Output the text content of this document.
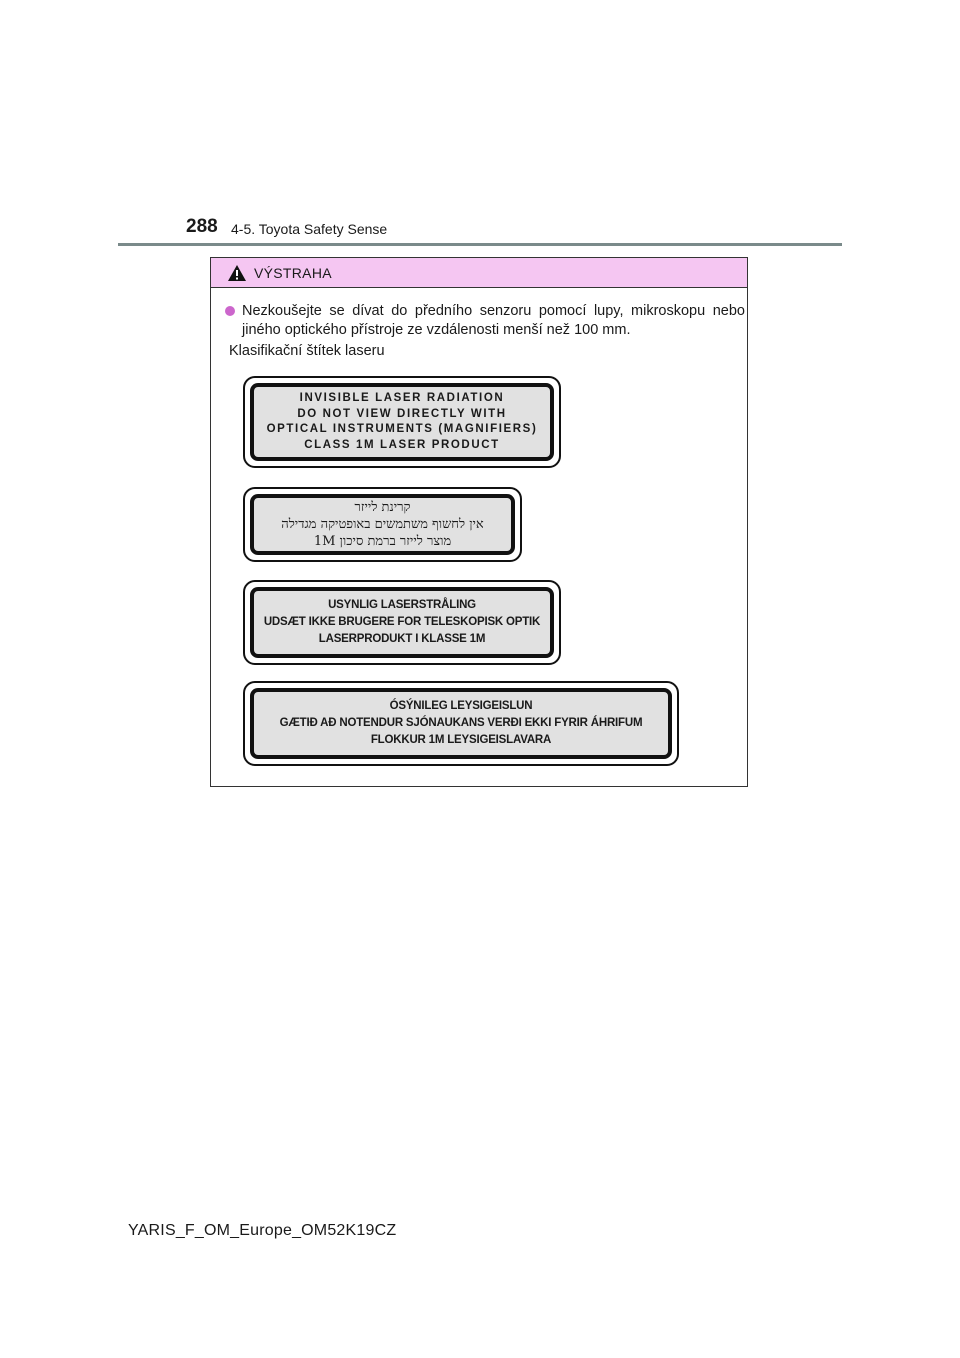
288 4-5. Toyota Safety Sense
VÝSTRAHA
Nezkoušejte se dívat do předního senzoru pomocí lupy, mikroskopu nebo jiného optického přístroje ze vzdálenosti menší než 100 mm.
Klasifikační štítek laseru
INVISIBLE LASER RADIATION
DO NOT VIEW DIRECTLY WITH
OPTICAL INSTRUMENTS (MAGNIFIERS)
CLASS 1M LASER PRODUCT
קרינת לייזר
אין לחשוף משתמשים באופטיקה מגדילה
מוצר לייזר ברמת סיכון 1M
USYNLIG LASERSTRÅLING
UDSÆT IKKE BRUGERE FOR TELESKOPISK OPTIK
LASERPRODUKT I KLASSE 1M
ÓSÝNILEG LEYSIGEISLUN
GÆTIÐ AÐ NOTENDUR SJÓNAUKANS VERÐI EKKI FYRIR ÁHRIFUM
FLOKKUR 1M LEYSIGEISLAVARA
YARIS_F_OM_Europe_OM52K19CZ
